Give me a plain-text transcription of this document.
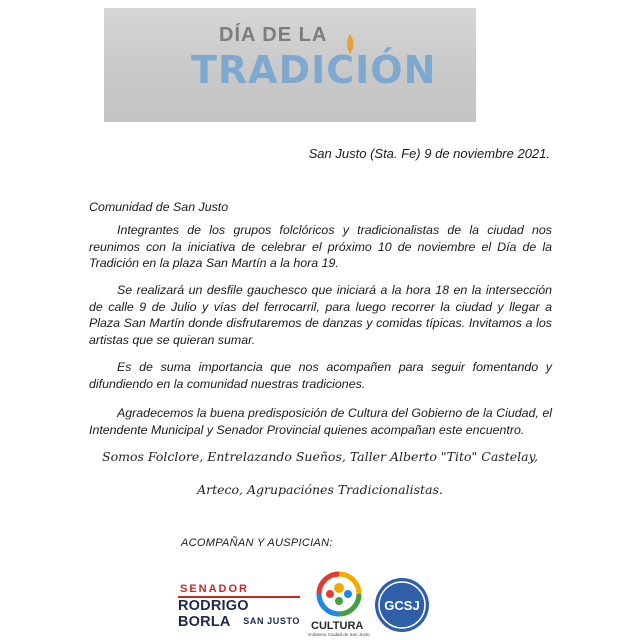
DÍA DE LA
TRADICIÓN
San Justo (Sta. Fe) 9 de noviembre 2021.
Comunidad de San Justo

Integrantes de los grupos folclóricos y tradicionalistas de la ciudad nos reunimos con la iniciativa de celebrar el próximo 10 de noviembre el Día de la Tradición en la plaza San Martín a la hora 19.

Se realizará un desfile gauchesco que iniciará a la hora 18 en la intersección de calle 9 de Julio y vías del ferrocarril, para luego recorrer la ciudad y llegar a Plaza San Martín donde disfrutaremos de danzas y comidas típicas. Invitamos a los artistas que se quieran sumar.

Es de suma importancia que nos acompañen para seguir fomentando y difundiendo en la comunidad nuestras tradiciones.

Agradecemos la buena predisposición de Cultura del Gobierno de la Ciudad, el Intendente Municipal y Senador Provincial quienes acompañan este encuentro.

Somos Folclore, Entrelazando Sueños, Taller Alberto "Tito" Castelay,
Arteco, Agrupaciónes Tradicionalistas.
ACOMPAÑAN Y AUSPICIAN:
SENADOR
RODRIGO BORLA	SAN JUSTO CULTURA
Gobierno Ciudad de San Justo
GCSJ
